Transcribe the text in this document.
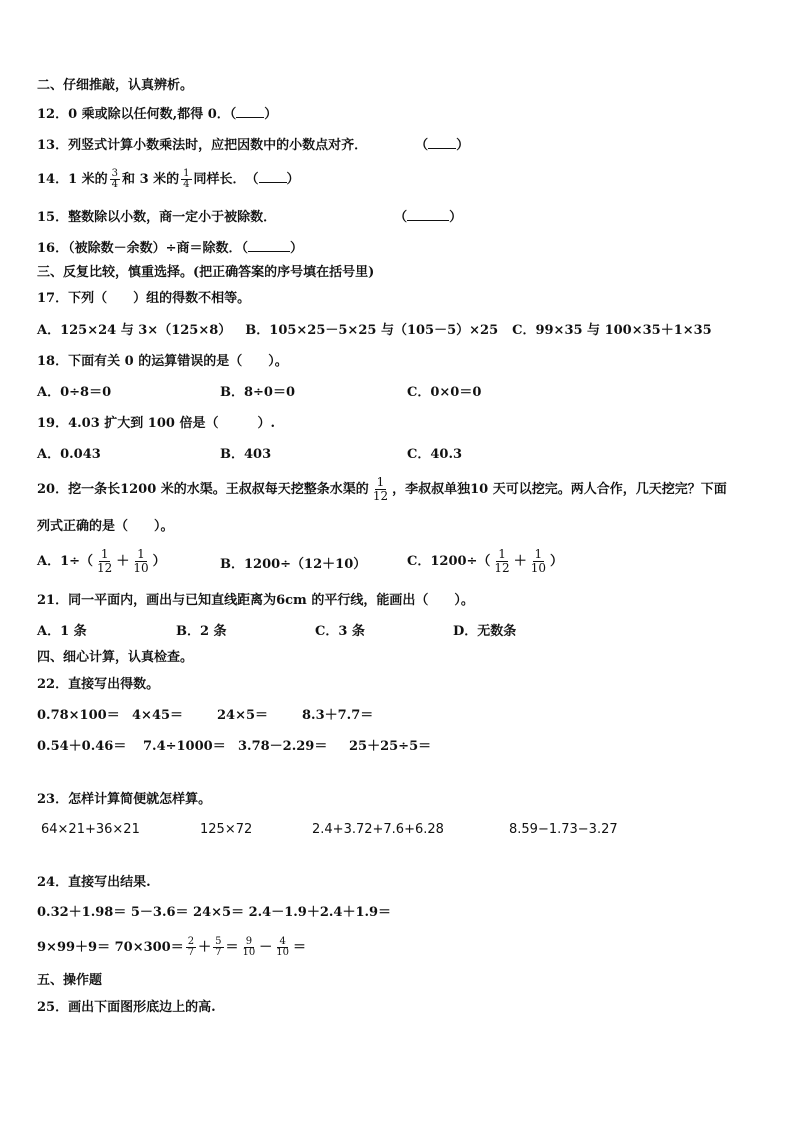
二、仔细推敲，认真辨析。
12．0 乘或除以任何数,都得 0．（ ）
13．列竖式计算小数乘法时，应把因数中的小数点对齐．	（ ）
14．1 米的 $\frac{3}{4}$ 和 3 米的 $\frac{1}{4}$ 同样长．　（ ）
15．整数除以小数，商一定小于被除数．	（	）
16．（被除数－余数）÷商＝除数．（	）
三、反复比较，慎重选择。(把正确答案的序号填在括号里)
17．下列（　　）组的得数不相等。
A．125×24 与 3×（125×8） B．105×25－5×25 与（105－5）×25 C．99×35 与 100×35＋1×35
18．下面有关 0 的运算错误的是（　　）。
A．0÷8＝0	B．8÷0＝0	C．0×0＝0
19．4.03 扩大到 100 倍是（　　　）.
A．0.043	B．403	C．40.3
20．挖一条长1200 米的水渠。王叔叔每天挖整条水渠的 $\frac{1}{12}$ ，李叔叔单独10 天可以挖完。两人合作，几天挖完？下面
列式正确的是（　　）。
A．$1\div( \frac{1}{12} + \frac{1}{10}$ ）	B．1200÷（12＋10）	C．$1200\div( \frac{1}{12} + \frac{1}{10}$ ）
21．同一平面内，画出与已知直线距离为6cm 的平行线，能画出（　　）。
A．1 条	B．2 条	C．3 条	D．无数条
四、细心计算，认真检查。
22．直接写出得数。
0.78×100＝ 4×45＝	24×5＝	8.3＋7.7＝
0.54＋0.46＝ 7.4÷1000＝ 3.78－2.29＝ 25＋25÷5＝
23．怎样计算简便就怎样算。
64×21+36×21	125×72	2.4+3.72+7.6+6.28	8.59−1.73−3.27
24．直接写出结果.
0.32＋1.98＝ 5－3.6＝ 24×5＝ 2.4－1.9＋2.4＋1.9＝
$9\times 99+9= 70\times 300= \frac{2}{7} + \frac{5}{7} = \frac{9}{10} - \frac{4}{10}$ ＝
五、操作题
25．画出下面图形底边上的高.
